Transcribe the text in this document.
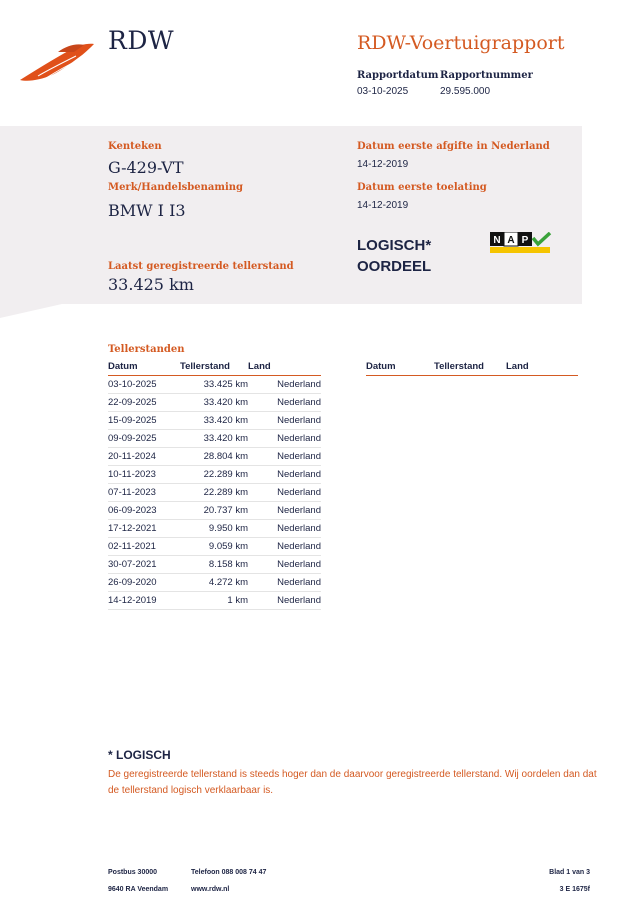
RDW	RDW-Voertuigrapport
Rapportdatum
03-10-2025
Rapportnummer
29.595.000
Kenteken
G-429-VT
Merk/Handelsbenaming
BMW I I3
Laatst geregistreerde tellerstand
33.425 km
Datum eerste afgifte in Nederland
14-12-2019
Datum eerste toelating
14-12-2019
LOGISCH*
OORDEEL
N A P
Tellerstanden
Datum	Tellerstand	Land
03-10-2025	33.425 km	Nederland
22-09-2025	33.420 km	Nederland
15-09-2025	33.420 km	Nederland
09-09-2025	33.420 km	Nederland
20-11-2024	28.804 km	Nederland
10-11-2023	22.289 km	Nederland
07-11-2023	22.289 km	Nederland
06-09-2023	20.737 km	Nederland
17-12-2021	9.950 km	Nederland
02-11-2021	9.059 km	Nederland
30-07-2021	8.158 km	Nederland
26-09-2020	4.272 km	Nederland
14-12-2019	1 km	Nederland
Datum	Tellerstand	Land
* LOGISCH
De geregistreerde tellerstand is steeds hoger dan de daarvoor geregistreerde tellerstand. Wij oordelen dan dat de tellerstand logisch verklaarbaar is.
Postbus 30000
9640 RA Veendam
Telefoon 088 008 74 47
www.rdw.nl
Blad 1 van 3
3 E 1675f
